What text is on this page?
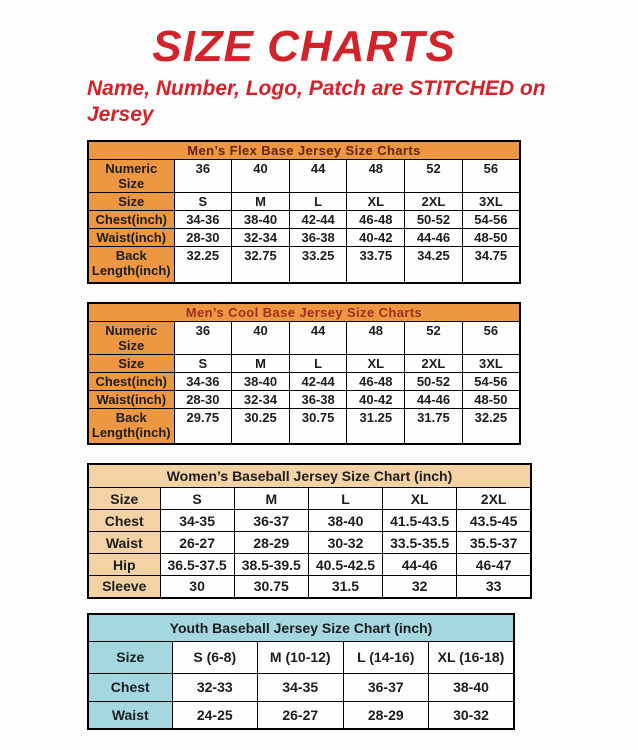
SIZE CHARTS

Name, Number, Logo, Patch are STITCHED on Jersey

Men’s Flex Base Jersey Size Charts						
Numeric Size	36	40	44	48	52	56
Size	S	M	L	XL	2XL	3XL
Chest(inch)	34-36	38-40	42-44	46-48	50-52	54-56
Waist(inch)	28-30	32-34	36-38	40-42	44-46	48-50
Back Length(inch)	32.25	32.75	33.25	33.75	34.25	34.75
Men’s Cool Base Jersey Size Charts						
Numeric Size	36	40	44	48	52	56
Size	S	M	L	XL	2XL	3XL
Chest(inch)	34-36	38-40	42-44	46-48	50-52	54-56
Waist(inch)	28-30	32-34	36-38	40-42	44-46	48-50
Back Length(inch)	29.75	30.25	30.75	31.25	31.75	32.25
Women’s Baseball Jersey Size Chart (inch)					
Size	S	M	L	XL	2XL
Chest	34-35	36-37	38-40	41.5-43.5	43.5-45
Waist	26-27	28-29	30-32	33.5-35.5	35.5-37
Hip	36.5-37.5	38.5-39.5	40.5-42.5	44-46	46-47
Sleeve	30	30.75	31.5	32	33
Youth Baseball Jersey Size Chart (inch)				
Size	S (6-8)	M (10-12)	L (14-16)	XL (16-18)
Chest	32-33	34-35	36-37	38-40
Waist	24-25	26-27	28-29	30-32
